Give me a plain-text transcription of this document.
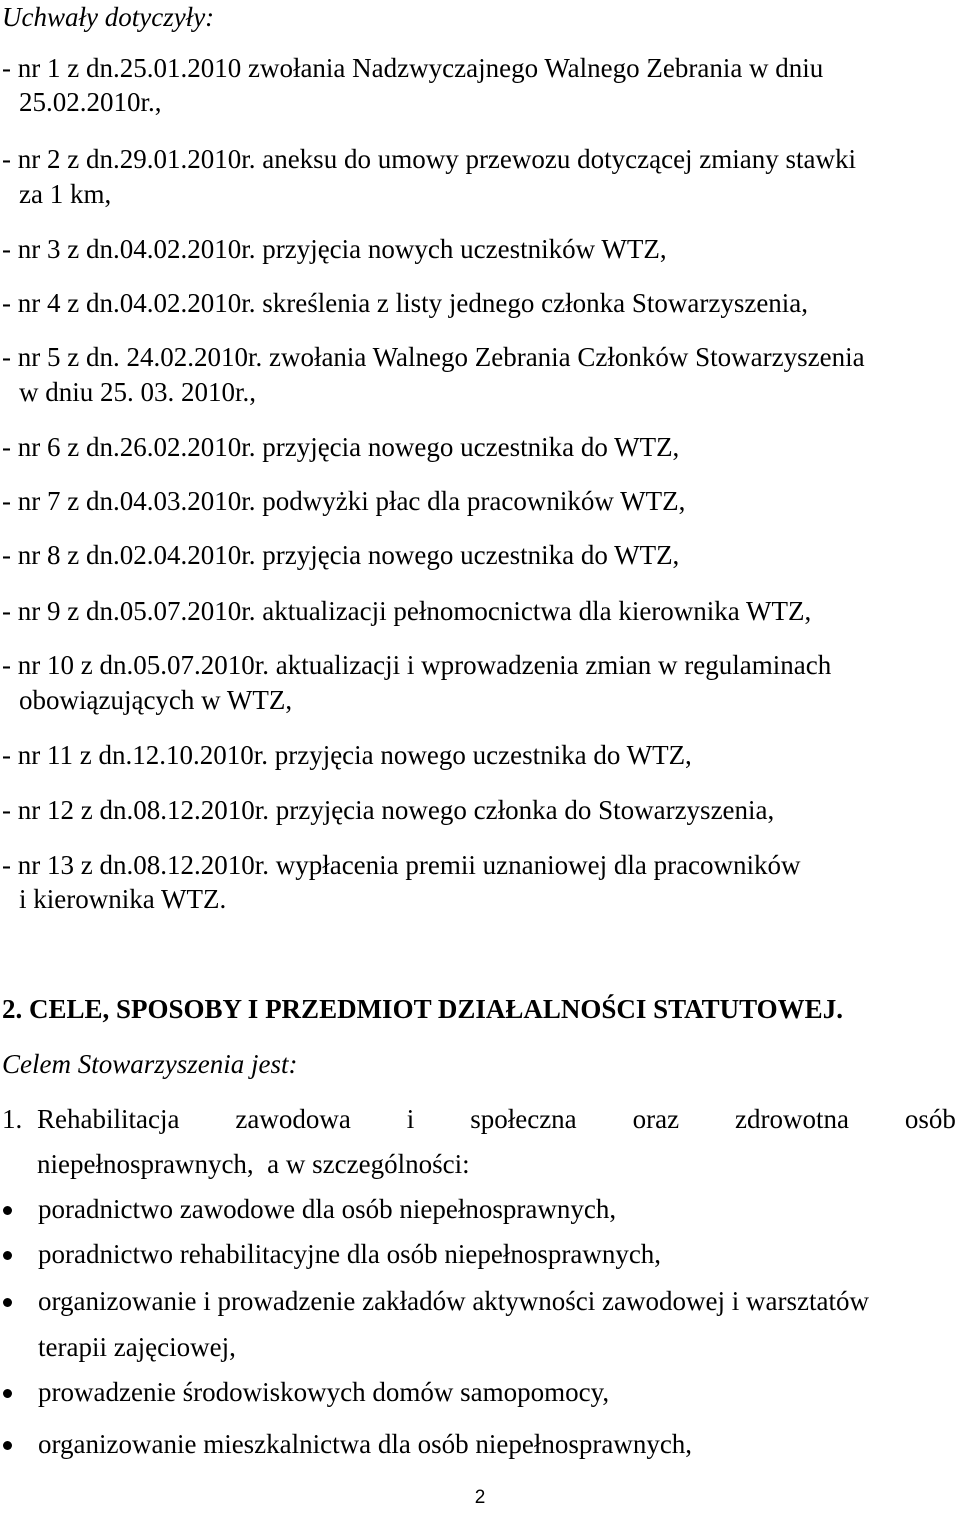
Uchwały dotyczyły:
- nr 1 z dn.25.01.2010 zwołania Nadzwyczajnego Walnego Zebrania w dniu
25.02.2010r.,
- nr 2 z dn.29.01.2010r. aneksu do umowy przewozu dotyczącej zmiany stawki
za 1 km,
- nr 3 z dn.04.02.2010r. przyjęcia nowych uczestników WTZ,
- nr 4 z dn.04.02.2010r. skreślenia z listy jednego członka Stowarzyszenia,
- nr 5 z dn. 24.02.2010r. zwołania Walnego Zebrania Członków Stowarzyszenia
w dniu 25. 03. 2010r.,
- nr 6 z dn.26.02.2010r. przyjęcia nowego uczestnika do WTZ,
- nr 7 z dn.04.03.2010r. podwyżki płac dla pracowników WTZ,
- nr 8 z dn.02.04.2010r. przyjęcia nowego uczestnika do WTZ,
- nr 9 z dn.05.07.2010r. aktualizacji pełnomocnictwa dla kierownika WTZ,
- nr 10 z dn.05.07.2010r. aktualizacji i wprowadzenia zmian w regulaminach
obowiązujących w WTZ,
- nr 11 z dn.12.10.2010r. przyjęcia nowego uczestnika do WTZ,
- nr 12 z dn.08.12.2010r. przyjęcia nowego członka do Stowarzyszenia,
- nr 13 z dn.08.12.2010r. wypłacenia premii uznaniowej dla pracowników
i kierownika WTZ.
2. CELE, SPOSOBY I PRZEDMIOT DZIAŁALNOŚCI STATUTOWEJ.
Celem Stowarzyszenia jest:
1. Rehabilitacja zawodowa i społeczna oraz zdrowotna osób
niepełnosprawnych,  a w szczególności:
poradnictwo zawodowe dla osób niepełnosprawnych,
poradnictwo rehabilitacyjne dla osób niepełnosprawnych,
organizowanie i prowadzenie zakładów aktywności zawodowej i warsztatów
terapii zajęciowej,
prowadzenie środowiskowych domów samopomocy,
organizowanie mieszkalnictwa dla osób niepełnosprawnych,
2
